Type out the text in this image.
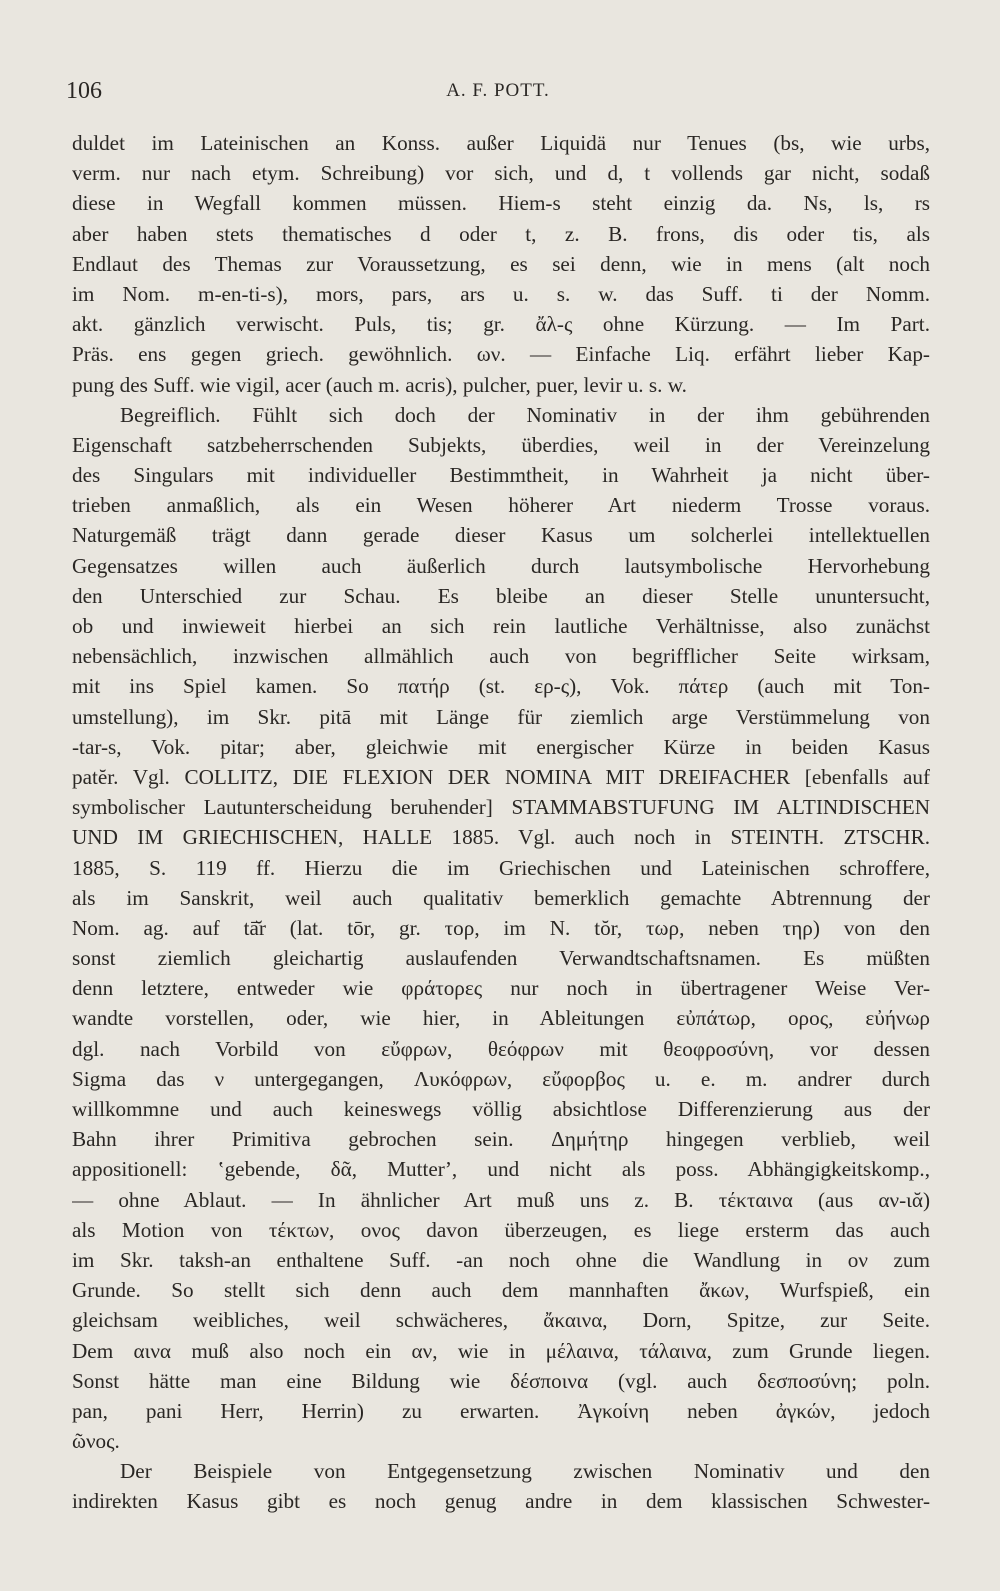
106	A. F. POTT.
duldet im Lateinischen an Konss. außer Liquidä nur Tenues (bs, wie urbs,
verm. nur nach etym. Schreibung) vor sich, und d, t vollends gar nicht, sodaß
diese in Wegfall kommen müssen. Hiem-s steht einzig da. Ns, ls, rs
aber haben stets thematisches d oder t, z. B. frons, dis oder tis, als
Endlaut des Themas zur Voraussetzung, es sei denn, wie in mens (alt noch
im Nom. m-en-ti-s), mors, pars, ars u. s. w. das Suff. ti der Nomm.
akt. gänzlich verwischt. Puls, tis; gr. ἄλ-ς ohne Kürzung. — Im Part.
Präs. ens gegen griech. gewöhnlich. ων. — Einfache Liq. erfährt lieber Kap-
pung des Suff. wie vigil, acer (auch m. acris), pulcher, puer, levir u. s. w.
Begreiflich. Fühlt sich doch der Nominativ in der ihm gebührenden
Eigenschaft satzbeherrschenden Subjekts, überdies, weil in der Vereinzelung
des Singulars mit individueller Bestimmtheit, in Wahrheit ja nicht über-
trieben anmaßlich, als ein Wesen höherer Art niederm Trosse voraus.
Naturgemäß trägt dann gerade dieser Kasus um solcherlei intellektuellen
Gegensatzes willen auch äußerlich durch lautsymbolische Hervorhebung
den Unterschied zur Schau. Es bleibe an dieser Stelle ununtersucht,
ob und inwieweit hierbei an sich rein lautliche Verhältnisse, also zunächst
nebensächlich, inzwischen allmählich auch von begrifflicher Seite wirksam,
mit ins Spiel kamen. So πατήρ (st. ερ-ς), Vok. πάτερ (auch mit Ton-
umstellung), im Skr. pitā mit Länge für ziemlich arge Verstümmelung von
-tar-s, Vok. pitar; aber, gleichwie mit energischer Kürze in beiden Kasus
patĕr. Vgl. COLLITZ, DIE FLEXION DER NOMINA MIT DREIFACHER [ebenfalls auf
symbolischer Lautunterscheidung beruhender] STAMMABSTUFUNG IM ALTINDISCHEN
UND IM GRIECHISCHEN, HALLE 1885. Vgl. auch noch in STEINTH. ZTSCHR.
1885, S. 119 ff. Hierzu die im Griechischen und Lateinischen schroffere,
als im Sanskrit, weil auch qualitativ bemerklich gemachte Abtrennung der
Nom. ag. auf tā̆r (lat. tōr, gr. τορ, im N. tŏr, τωρ, neben τηρ) von den
sonst ziemlich gleichartig auslaufenden Verwandtschaftsnamen. Es müßten
denn letztere, entweder wie φράτορες nur noch in übertragener Weise Ver-
wandte vorstellen, oder, wie hier, in Ableitungen εὐπάτωρ, ορος, εὐήνωρ
dgl. nach Vorbild von εὔφρων, θεόφρων mit θεοφροσύνη, vor dessen
Sigma das ν untergegangen, Λυκόφρων, εὔφορβος u. e. m. andrer durch
willkommne und auch keineswegs völlig absichtlose Differenzierung aus der
Bahn ihrer Primitiva gebrochen sein. Δημήτηρ hingegen verblieb, weil
appositionell: ʽgebende, δᾶ, Mutterʼ, und nicht als poss. Abhängigkeitskomp.,
— ohne Ablaut. — In ähnlicher Art muß uns z. B. τέκταινα (aus αν-ιᾰ)
als Motion von τέκτων, ονος davon überzeugen, es liege ersterm das auch
im Skr. taksh-an enthaltene Suff. -an noch ohne die Wandlung in ον zum
Grunde. So stellt sich denn auch dem mannhaften ἄκων, Wurfspieß, ein
gleichsam weibliches, weil schwächeres, ἄκαινα, Dorn, Spitze, zur Seite.
Dem αινα muß also noch ein αν, wie in μέλαινα, τάλαινα, zum Grunde liegen.
Sonst hätte man eine Bildung wie δέσποινα (vgl. auch δεσποσύνη; poln.
pan, pani Herr, Herrin) zu erwarten. Ἀγκοίνη neben ἀγκών, jedoch
ῶνος.
Der Beispiele von Entgegensetzung zwischen Nominativ und den
indirekten Kasus gibt es noch genug andre in dem klassischen Schwester-
